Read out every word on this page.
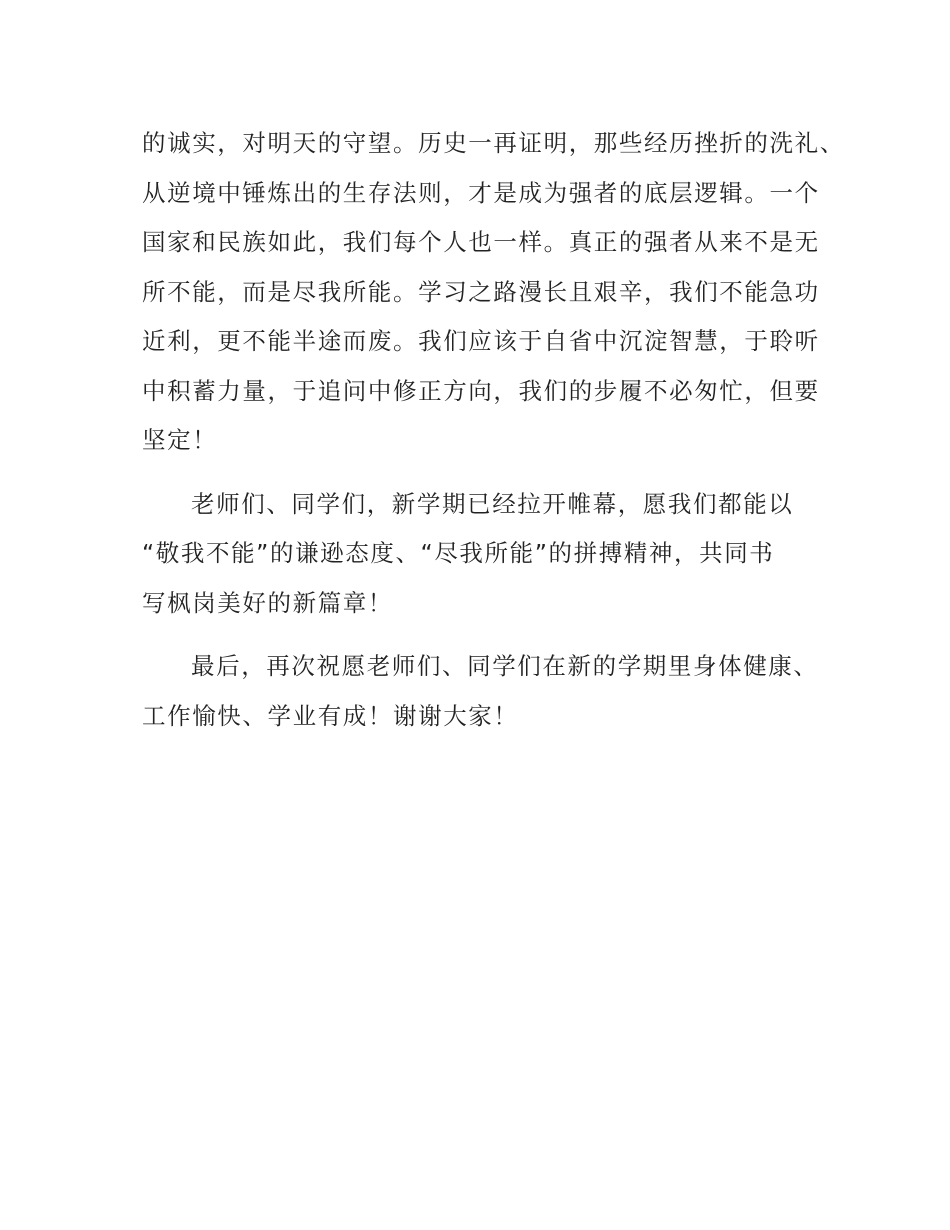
的诚实，对明天的守望。历史一再证明，那些经历挫折的洗礼、
从逆境中锤炼出的生存法则，才是成为强者的底层逻辑。一个
国家和民族如此，我们每个人也一样。真正的强者从来不是无
所不能，而是尽我所能。学习之路漫长且艰辛，我们不能急功
近利，更不能半途而废。我们应该于自省中沉淀智慧，于聆听
中积蓄力量，于追问中修正方向，我们的步履不必匆忙，但要
坚定！
老师们、同学们，新学期已经拉开帷幕，愿我们都能以
“敬我不能”的谦逊态度、“尽我所能”的拼搏精神，共同书
写枫岗美好的新篇章！
最后，再次祝愿老师们、同学们在新的学期里身体健康、
工作愉快、学业有成！谢谢大家！
